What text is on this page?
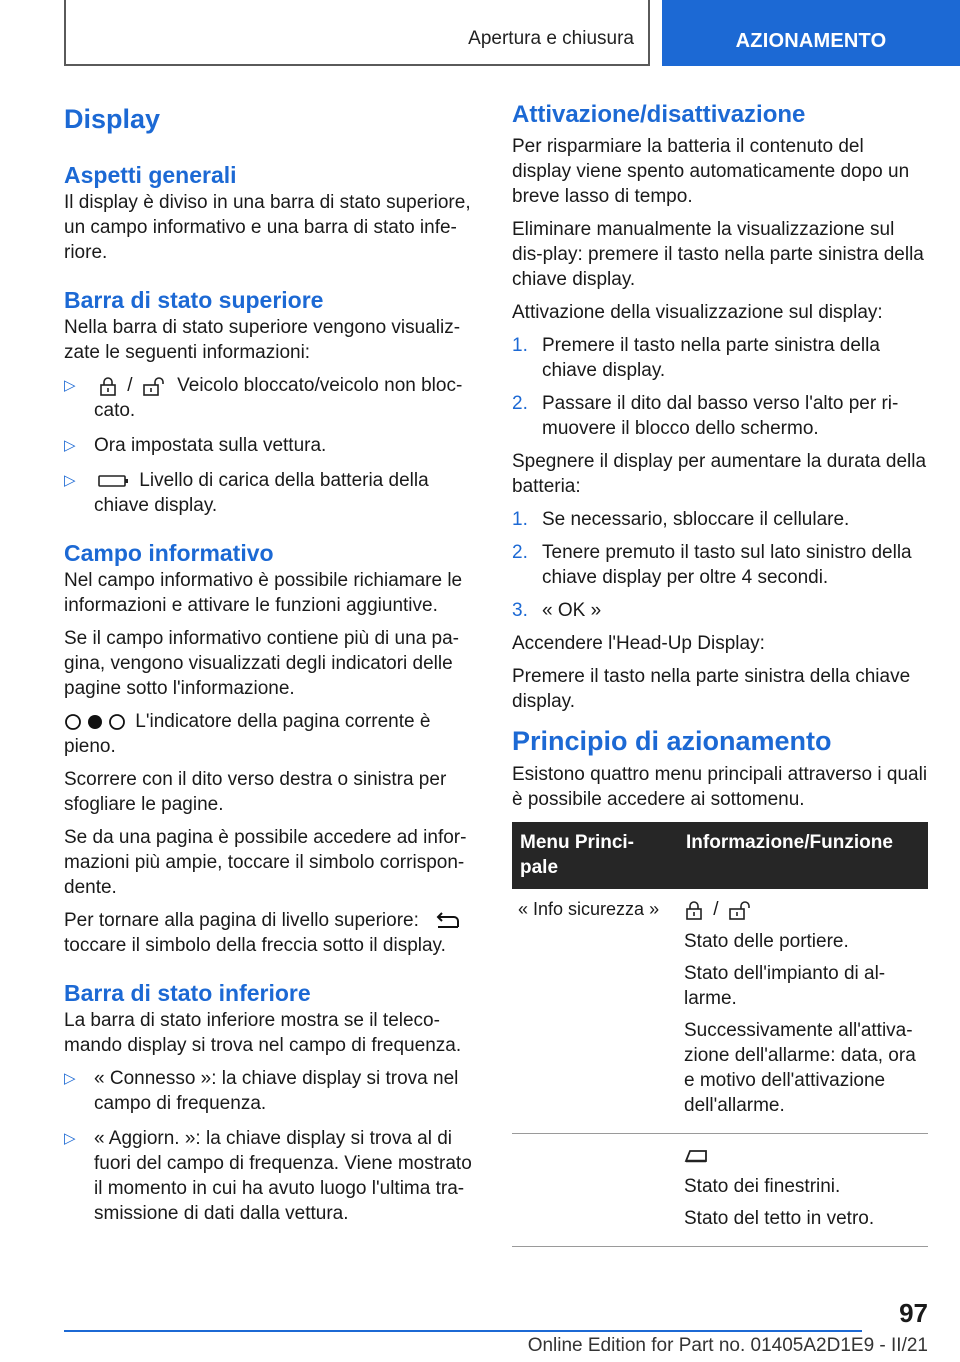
Apertura e chiusura	AZIONAMENTO
Display
Aspetti generali

Il display è diviso in una barra di stato superiore, un campo informativo e una barra di stato infe-riore.

Barra di stato superiore

Nella barra di stato superiore vengono visualiz-zate le seguenti informazioni:

▷	/ Veicolo bloccato/veicolo non bloc-cato.
▷ Ora impostata sulla vettura.
▷	Livello di carica della batteria della chiave display.
Campo informativo

Nel campo informativo è possibile richiamare le informazioni e attivare le funzioni aggiuntive.

Se il campo informativo contiene più di una pa-gina, vengono visualizzati degli indicatori delle pagine sotto l'informazione.

L'indicatore della pagina corrente è pieno.

Scorrere con il dito verso destra o sinistra per sfogliare le pagine.

Se da una pagina è possibile accedere ad infor-mazioni più ampie, toccare il simbolo corrispon-dente.

Per tornare alla pagina di livello superiore:  toccare il simbolo della freccia sotto il display.

Barra di stato inferiore

La barra di stato inferiore mostra se il teleco-mando display si trova nel campo di frequenza.

▷ « Connesso »: la chiave display si trova nel campo di frequenza.
▷ « Aggiorn. »: la chiave display si trova al di fuori del campo di frequenza. Viene mostrato il momento in cui ha avuto luogo l'ultima tra-smissione di dati dalla vettura.
Attivazione/disattivazione

Per risparmiare la batteria il contenuto del display viene spento automaticamente dopo un breve lasso di tempo.

Eliminare manualmente la visualizzazione sul dis-play: premere il tasto nella parte sinistra della chiave display.

Attivazione della visualizzazione sul display:

1. Premere il tasto nella parte sinistra della chiave display.
2. Passare il dito dal basso verso l'alto per ri-muovere il blocco dello schermo.

Spegnere il display per aumentare la durata della batteria:

1. Se necessario, sbloccare il cellulare.
2. Tenere premuto il tasto sul lato sinistro della chiave display per oltre 4 secondi.
3. « OK »

Accendere l'Head-Up Display:

Premere il tasto nella parte sinistra della chiave display.

Principio di azionamento

Esistono quattro menu principali attraverso i quali è possibile accedere ai sottomenu.

Menu Princi-pale	Informazione/Funzione
« Info sicurezza »	/

Stato delle portiere.

Stato dell'impianto di al-larme.

Successivamente all'attiva-zione dell'allarme: data, ora e motivo dell'attivazione dell'allarme.

	Stato dei finestrini.

Stato del tetto in vetro.

97
Online Edition for Part no. 01405A2D1E9 - II/21
